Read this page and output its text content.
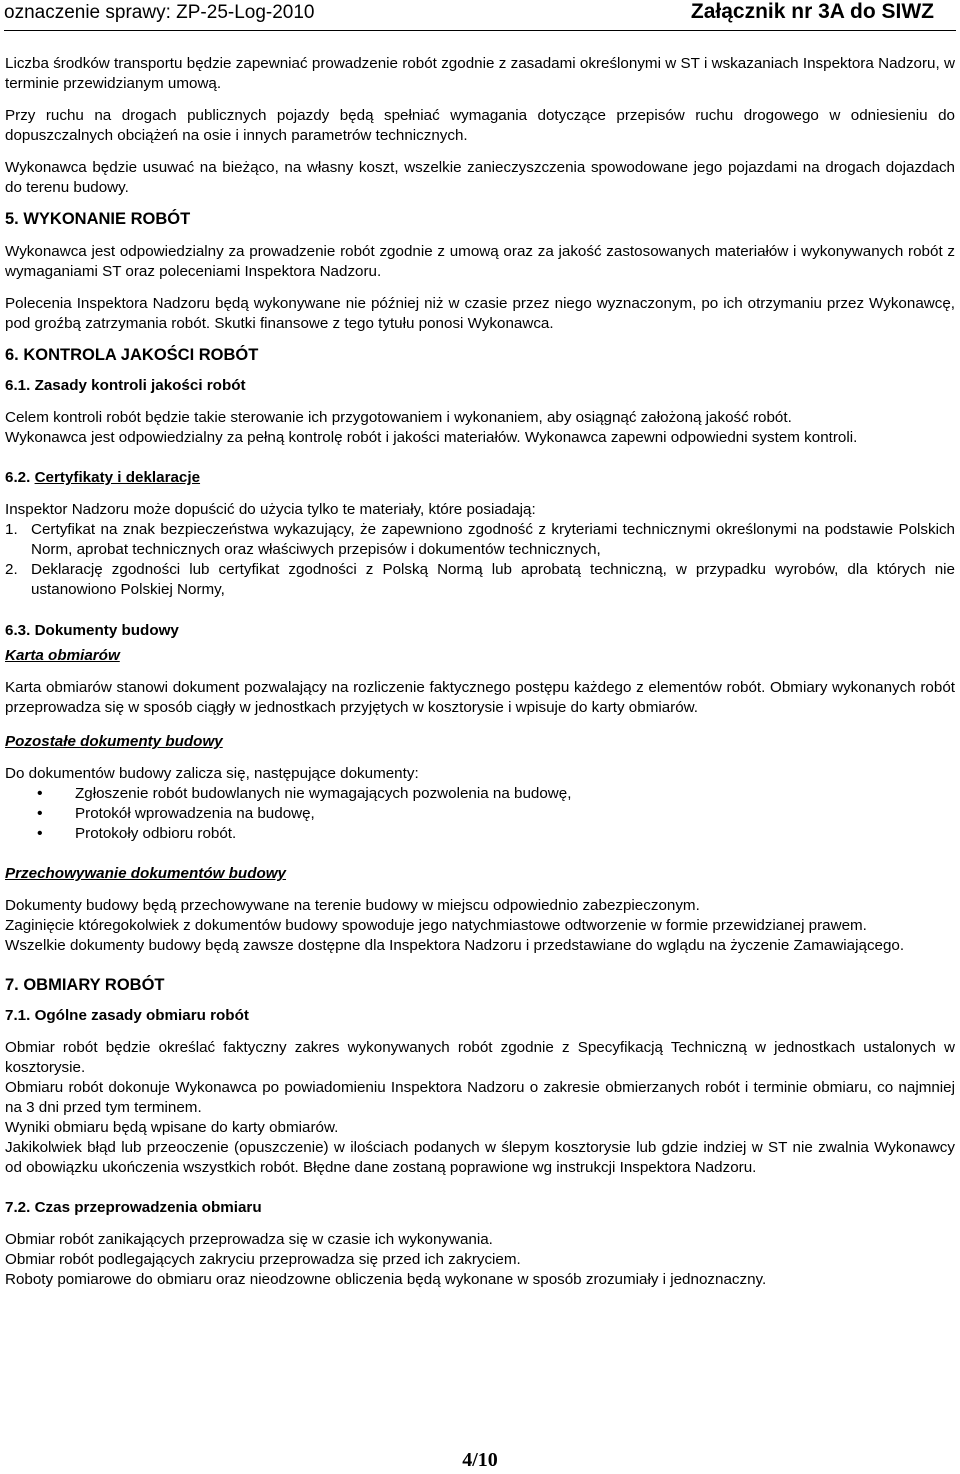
oznaczenie sprawy: ZP-25-Log-2010	Załącznik nr 3A do SIWZ

Liczba środków transportu będzie zapewniać prowadzenie robót zgodnie z zasadami określonymi w ST i wskazaniach Inspektora Nadzoru, w terminie przewidzianym umową.

Przy ruchu na drogach publicznych pojazdy będą spełniać wymagania dotyczące przepisów ruchu drogowego w odniesieniu do dopuszczalnych obciążeń na osie i innych parametrów technicznych.

Wykonawca będzie usuwać na bieżąco, na własny koszt, wszelkie zanieczyszczenia spowodowane jego pojazdami na drogach dojazdach do terenu budowy.

5. WYKONANIE ROBÓT

Wykonawca jest odpowiedzialny za prowadzenie robót zgodnie z umową oraz za jakość zastosowanych materiałów i wykonywanych robót z wymaganiami ST oraz poleceniami Inspektora Nadzoru.

Polecenia Inspektora Nadzoru będą wykonywane nie później niż w czasie przez niego wyznaczonym, po ich otrzymaniu przez Wykonawcę, pod groźbą zatrzymania robót. Skutki finansowe z tego tytułu ponosi Wykonawca.

6. KONTROLA JAKOŚCI ROBÓT
6.1. Zasady kontroli jakości robót

Celem kontroli robót będzie takie sterowanie ich przygotowaniem i wykonaniem, aby osiągnąć założoną jakość robót.

Wykonawca jest odpowiedzialny za pełną kontrolę robót i jakości materiałów. Wykonawca zapewni odpowiedni system kontroli.

6.2. Certyfikaty i deklaracje

Inspektor Nadzoru może dopuścić do użycia tylko te materiały, które posiadają:

1. Certyfikat na znak bezpieczeństwa wykazujący, że zapewniono zgodność z kryteriami technicznymi określonymi na podstawie Polskich Norm, aprobat technicznych oraz właściwych przepisów i dokumentów technicznych,
2. Deklarację zgodności lub certyfikat zgodności z Polską Normą lub aprobatą techniczną, w przypadku wyrobów, dla których nie ustanowiono Polskiej Normy,
6.3. Dokumenty budowy
Karta obmiarów

Karta obmiarów stanowi dokument pozwalający na rozliczenie faktycznego postępu każdego z elementów robót. Obmiary wykonanych robót przeprowadza się w sposób ciągły w jednostkach przyjętych w kosztorysie i wpisuje do karty obmiarów.

Pozostałe dokumenty budowy

Do dokumentów budowy zalicza się, następujące dokumenty:

•	Zgłoszenie robót budowlanych nie wymagających pozwolenia na budowę,
•	Protokół wprowadzenia na budowę,
•	Protokoły odbioru robót.
Przechowywanie dokumentów budowy

Dokumenty budowy będą przechowywane na terenie budowy w miejscu odpowiednio zabezpieczonym.

Zaginięcie któregokolwiek z dokumentów budowy spowoduje jego natychmiastowe odtworzenie w formie przewidzianej prawem.

Wszelkie dokumenty budowy będą zawsze dostępne dla Inspektora Nadzoru i przedstawiane do wglądu na życzenie Zamawiającego.

7. OBMIARY ROBÓT
7.1. Ogólne zasady obmiaru robót

Obmiar robót będzie określać faktyczny zakres wykonywanych robót zgodnie z Specyfikacją Techniczną w jednostkach ustalonych w kosztorysie.

Obmiaru robót dokonuje Wykonawca po powiadomieniu Inspektora Nadzoru o zakresie obmierzanych robót i terminie obmiaru, co najmniej na 3 dni przed tym terminem.

Wyniki obmiaru będą wpisane do karty obmiarów.

Jakikolwiek błąd lub przeoczenie (opuszczenie) w ilościach podanych w ślepym kosztorysie lub gdzie indziej w ST nie zwalnia Wykonawcy od obowiązku ukończenia wszystkich robót. Błędne dane zostaną poprawione wg instrukcji Inspektora Nadzoru.

7.2. Czas przeprowadzenia obmiaru

Obmiar robót zanikających przeprowadza się w czasie ich wykonywania.

Obmiar robót podlegających zakryciu przeprowadza się przed ich zakryciem.

Roboty pomiarowe do obmiaru oraz nieodzowne obliczenia będą wykonane w sposób zrozumiały i jednoznaczny.

4/10
